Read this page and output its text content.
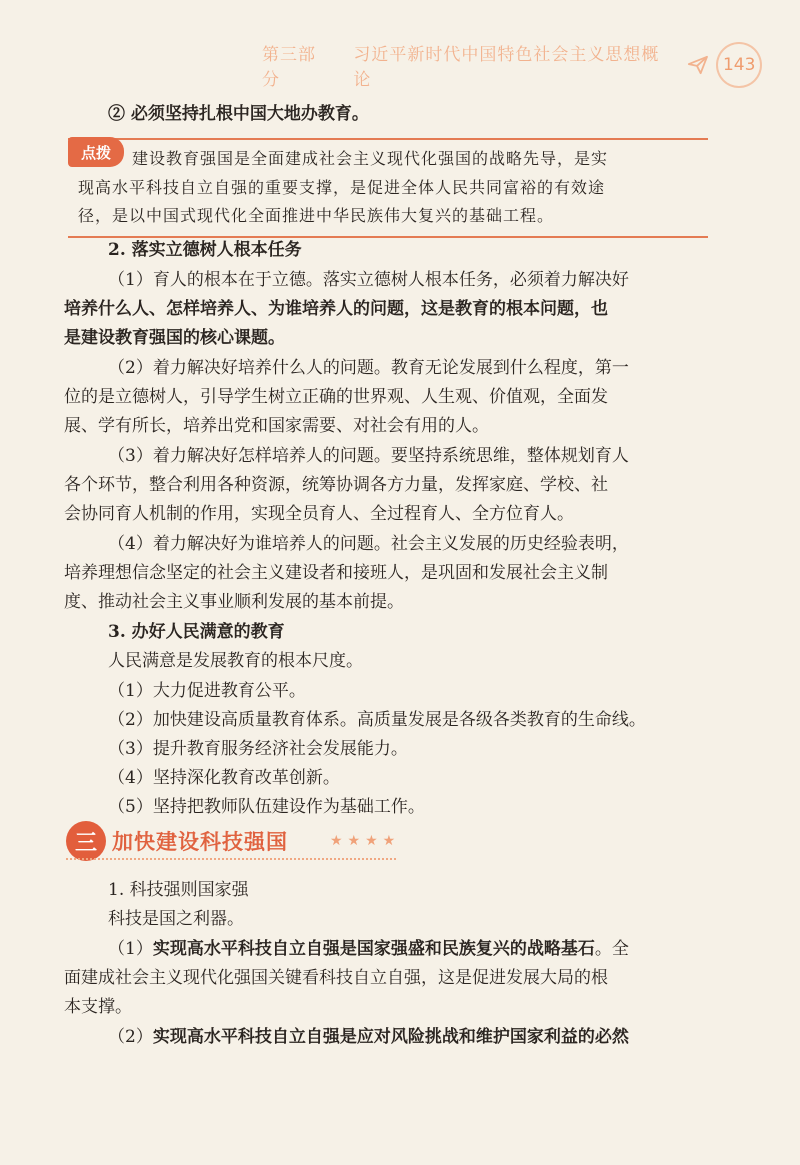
第三部分
习近平新时代中国特色社会主义思想概论
143
② 必须坚持扎根中国大地办教育。
点拨	建设教育强国是全面建成社会主义现代化强国的战略先导，是实
现高水平科技自立自强的重要支撑，是促进全体人民共同富裕的有效途
径，是以中国式现代化全面推进中华民族伟大复兴的基础工程。
2. 落实立德树人根本任务
（1）育人的根本在于立德。落实立德树人根本任务，必须着力解决好
培养什么人、怎样培养人、为谁培养人的问题，这是教育的根本问题，也
是建设教育强国的核心课题。
（2）着力解决好培养什么人的问题。教育无论发展到什么程度，第一
位的是立德树人，引导学生树立正确的世界观、人生观、价值观，全面发
展、学有所长，培养出党和国家需要、对社会有用的人。
（3）着力解决好怎样培养人的问题。要坚持系统思维，整体规划育人
各个环节，整合利用各种资源，统筹协调各方力量，发挥家庭、学校、社
会协同育人机制的作用，实现全员育人、全过程育人、全方位育人。
（4）着力解决好为谁培养人的问题。社会主义发展的历史经验表明，
培养理想信念坚定的社会主义建设者和接班人，是巩固和发展社会主义制
度、推动社会主义事业顺利发展的基本前提。
3. 办好人民满意的教育
人民满意是发展教育的根本尺度。
（1）大力促进教育公平。
（2）加快建设高质量教育体系。高质量发展是各级各类教育的生命线。
（3）提升教育服务经济社会发展能力。
（4）坚持深化教育改革创新。
（5）坚持把教师队伍建设作为基础工作。
三 加快建设科技强国	★★★★
1. 科技强则国家强
科技是国之利器。
（1）实现高水平科技自立自强是国家强盛和民族复兴的战略基石。全
面建成社会主义现代化强国关键看科技自立自强，这是促进发展大局的根
本支撑。
（2）实现高水平科技自立自强是应对风险挑战和维护国家利益的必然
